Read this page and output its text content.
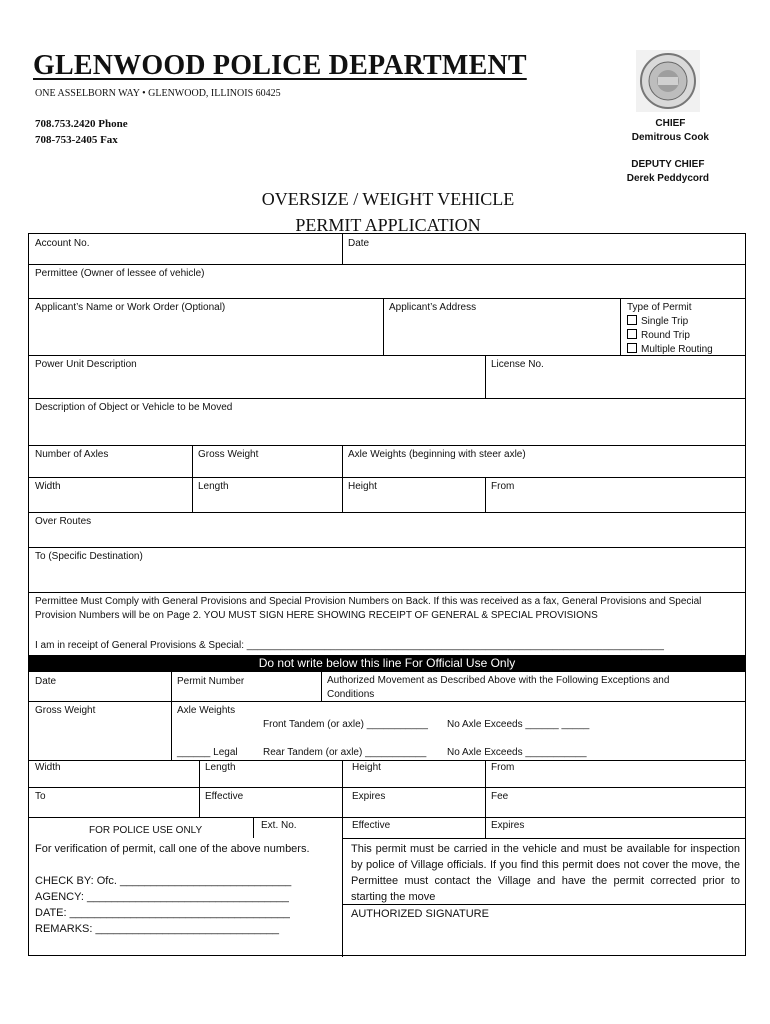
GLENWOOD POLICE DEPARTMENT
ONE ASSELBORN WAY • GLENWOOD, ILLINOIS 60425
708.753.2420 Phone
708-753-2405 Fax
CHIEF
Demitrous Cook
DEPUTY CHIEF
Derek Peddycord
OVERSIZE / WEIGHT VEHICLE
PERMIT APPLICATION
Account No.	Date
Permittee (Owner of lessee of vehicle)
Applicant’s Name or Work Order (Optional)	Applicant’s Address	Type of Permit
Single Trip
Round Trip
Multiple Routing
Power Unit Description	License No.
Description of Object or Vehicle to be Moved
Number of Axles	Gross Weight	Axle Weights (beginning with steer axle)
Width	Length	Height	From
Over Routes
To (Specific Destination)
Permittee Must Comply with General Provisions and Special Provision Numbers on Back. If this was received as a fax, General Provisions and Special Provision Numbers will be on Page 2. YOU MUST SIGN HERE SHOWING RECEIPT OF GENERAL & SPECIAL PROVISIONS
I am in receipt of General Provisions & Special: ___________________________________________________________________________
Do not write below this line For Official Use Only
Date	Permit Number	Authorized Movement as Described Above with the Following Exceptions and Conditions
Gross Weight	Axle Weights
Front Tandem (or axle) ___________ No Axle Exceeds ______ _____
______ Legal	Rear Tandem (or axle) ___________ No Axle Exceeds ___________
Width	Length	Height	From
To	Effective	Expires	Fee
FOR POLICE USE ONLY	Ext. No.	Effective	Expires
For verification of permit, call one of the above numbers.
CHECK BY: Ofc. ____________________________
AGENCY: _________________________________
DATE: ____________________________________
REMARKS: ______________________________
This permit must be carried in the vehicle and must be available for inspection by police of Village officials. If you find this permit does not cover the move, the Permittee must contact the Village and have the permit corrected prior to starting the move
AUTHORIZED SIGNATURE
